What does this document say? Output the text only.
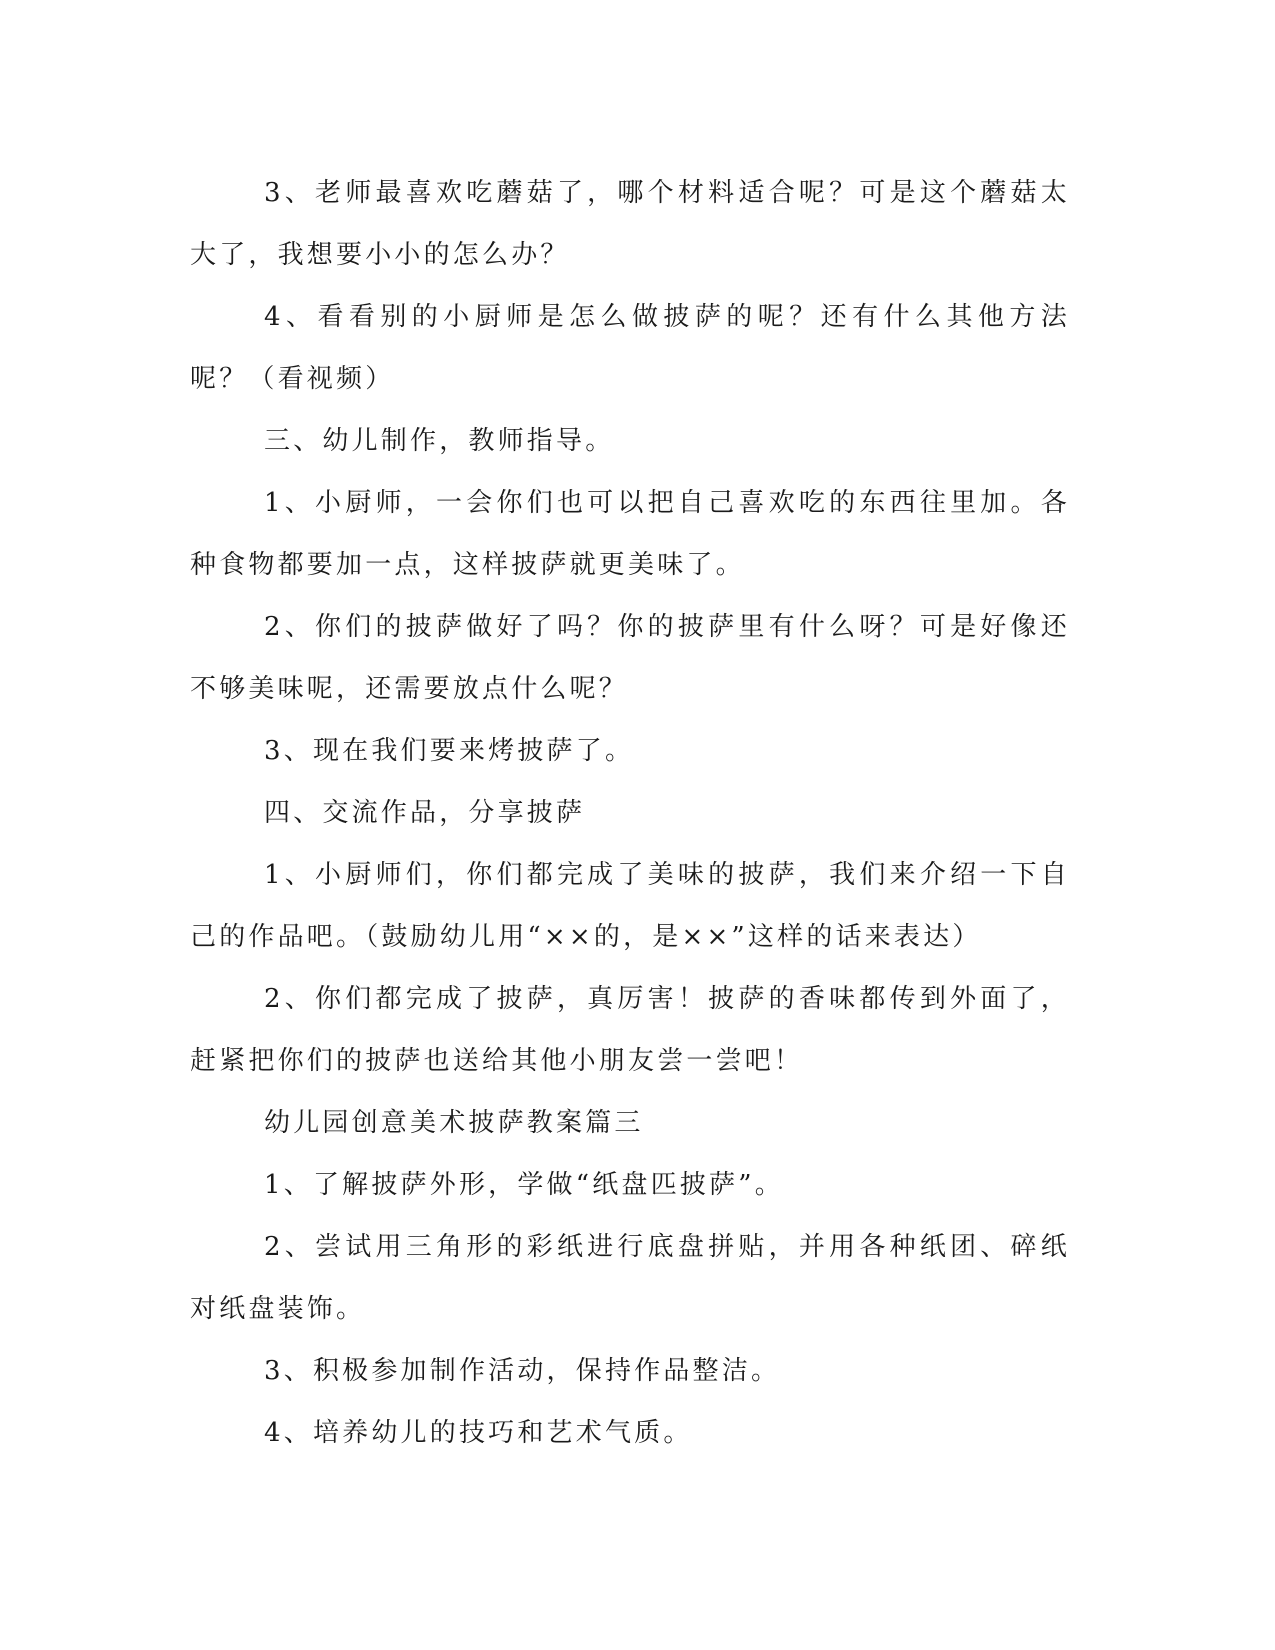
3、老师最喜欢吃蘑菇了，哪个材料适合呢？可是这个蘑菇太大了，我想要小小的怎么办？

4、看看别的小厨师是怎么做披萨的呢？还有什么其他方法呢？（看视频）

三、幼儿制作，教师指导。

1、小厨师，一会你们也可以把自己喜欢吃的东西往里加。各种食物都要加一点，这样披萨就更美味了。

2、你们的披萨做好了吗？你的披萨里有什么呀？可是好像还不够美味呢，还需要放点什么呢？

3、现在我们要来烤披萨了。

四、交流作品，分享披萨

1、小厨师们，你们都完成了美味的披萨，我们来介绍一下自己的作品吧。（鼓励幼儿用“××的，是××”这样的话来表达）

2、你们都完成了披萨，真厉害！披萨的香味都传到外面了，赶紧把你们的披萨也送给其他小朋友尝一尝吧！

幼儿园创意美术披萨教案篇三

1、了解披萨外形，学做“纸盘匹披萨”。

2、尝试用三角形的彩纸进行底盘拼贴，并用各种纸团、碎纸对纸盘装饰。

3、积极参加制作活动，保持作品整洁。

4、培养幼儿的技巧和艺术气质。
